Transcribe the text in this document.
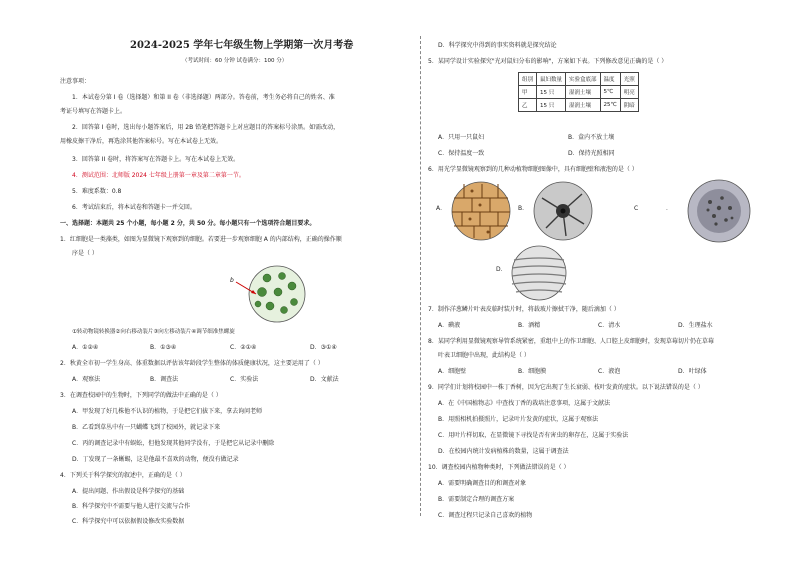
2024-2025 学年七年级生物上学期第一次月考卷
（考试时间：60 分钟 试卷满分：100 分）
注意事项：
1．本试卷分第 I 卷（选择题）和第 II 卷（非选择题）两部分。答卷前，考生务必将自己的姓名、准
考证号填写在答题卡上。
2．回答第 I 卷时，选出每小题答案后，用 2B 铅笔把答题卡上对应题目的答案标号涂黑。如需改动，
用橡皮擦干净后，再选涂其他答案标号。写在本试卷上无效。
3．回答第 II 卷时，将答案写在答题卡上。写在本试卷上无效。
4．测试范围：北师版 2024 七年级上册第一章及第二章第一节。
5．难度系数：0.8
6．考试结束后，将本试卷和答题卡一并交回。
一、选择题：本题共 25 个小题，每小题 2 分，共 50 分。每小题只有一个选项符合题目要求。
1．红细胞是一类藻类，如图为显微镜下观察到的细胞。若要进一步观察细胞 A 的内部结构，正确的操作顺
序是（ ）
b
①转动物镜转换器②向右移动装片③向左移动装片④调节细准焦螺旋
A．①②④	B．①③④	C．②①④	D．③①④
2．秋黄全市初一学生身高、体重数据以评估该年龄段学生整体的体质健康状况，这主要运用了（ ）
A．观察法	B．调查法	C．实验法	D．文献法
3．在调查校园中的生物时，下列同学的做法中正确的是（ ）
A．甲发现了好几株他不认识的植物，于是把它们拔下来，拿去询问老师
B．乙看到草丛中有一只蝴蝶飞到了校园外，就记录下来
C．丙的调查记录中有蜈蚣，但他发现其他同学没有，于是把它从记录中删除
D．丁发现了一条蜥蜴，这是他最不喜欢的动物，便没有做记录
4．下列关于科学探究的叙述中，正确的是（ ）
A．提出问题、作出假设是科学探究的基础
B．科学探究中不需要与他人进行交流与合作
C．科学探究中可以依据假设修改实验数据
D．科学探究中得到的事实资料就是探究结论
5．某同学设计实验探究"光对鼠妇分布的影响"，方案如下表。下列修改意见正确的是（ ）
组别	鼠妇数量	实验盒底部	温度	光照
甲	15 只	湿润土壤	5℃	明亮
乙	15 只	湿润土壤	25℃	阴暗
A．只用一只鼠妇	B．盒内不放土壤
C．保持温度一致	D．保持光照相同
6．用光学显微镜观察到的几种动植物细胞图像中，具有细胞壁和液泡的是（ ）
A．	B．	C	．
D．
7．制作洋葱鳞片叶表皮临时装片时，将载玻片擦拭干净，随后滴加（ ）
A．碘液	B．酒精	C．清水	D．生理盐水
8．某同学利用显微镜观察导管系统紧密，重组中上的作卫细胞、人口腔上皮细胞时，发现草莓切片仍在草莓
叶表卫细胞中出现，此结构是（ ）
A．细胞壁	B．细胞膜	C．液泡	D．叶绿体
9．同学们计划将校园中一株丁香树，因为它出现了生长衰弱、枝叶发黄的症状。以下说法错误的是（ ）
A．在《中国植物志》中查找丁香的栽培注意事项，这属于文献法
B．用照相机拍摄照片，记录叶片发黄的症状，这属于观察法
C．用叶片样切取，在显微镜下寻找是否有害虫的卵存在，这属于实验法
D．在校园内统计发病植株的数量，这属于调查法
10．调查校园内植物种类时，下列做法错误的是（ ）
A．需要明确调查目的和调查对象
B．需要制定合理的调查方案
C．调查过程只记录自己喜欢的植物
